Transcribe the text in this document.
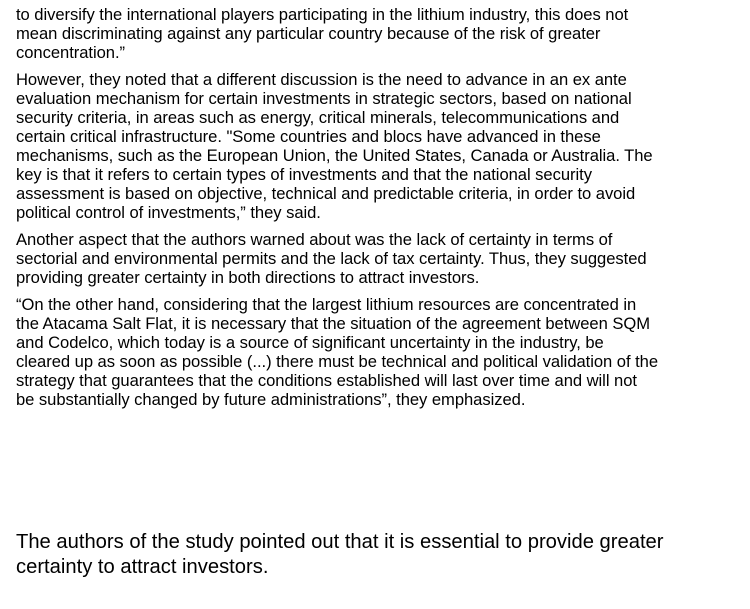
to diversify the international players participating in the lithium industry, this does not
mean discriminating against any particular country because of the risk of greater
concentration.”

However, they noted that a different discussion is the need to advance in an ex ante
evaluation mechanism for certain investments in strategic sectors, based on national
security criteria, in areas such as energy, critical minerals, telecommunications and
certain critical infrastructure. "Some countries and blocs have advanced in these
mechanisms, such as the European Union, the United States, Canada or Australia. The
key is that it refers to certain types of investments and that the national security
assessment is based on objective, technical and predictable criteria, in order to avoid
political control of investments,” they said.

Another aspect that the authors warned about was the lack of certainty in terms of
sectorial and environmental permits and the lack of tax certainty. Thus, they suggested
providing greater certainty in both directions to attract investors.

“On the other hand, considering that the largest lithium resources are concentrated in
the Atacama Salt Flat, it is necessary that the situation of the agreement between SQM
and Codelco, which today is a source of significant uncertainty in the industry, be
cleared up as soon as possible (...) there must be technical and political validation of the
strategy that guarantees that the conditions established will last over time and will not
be substantially changed by future administrations”, they emphasized.

The authors of the study pointed out that it is essential to provide greater
certainty to attract investors.
